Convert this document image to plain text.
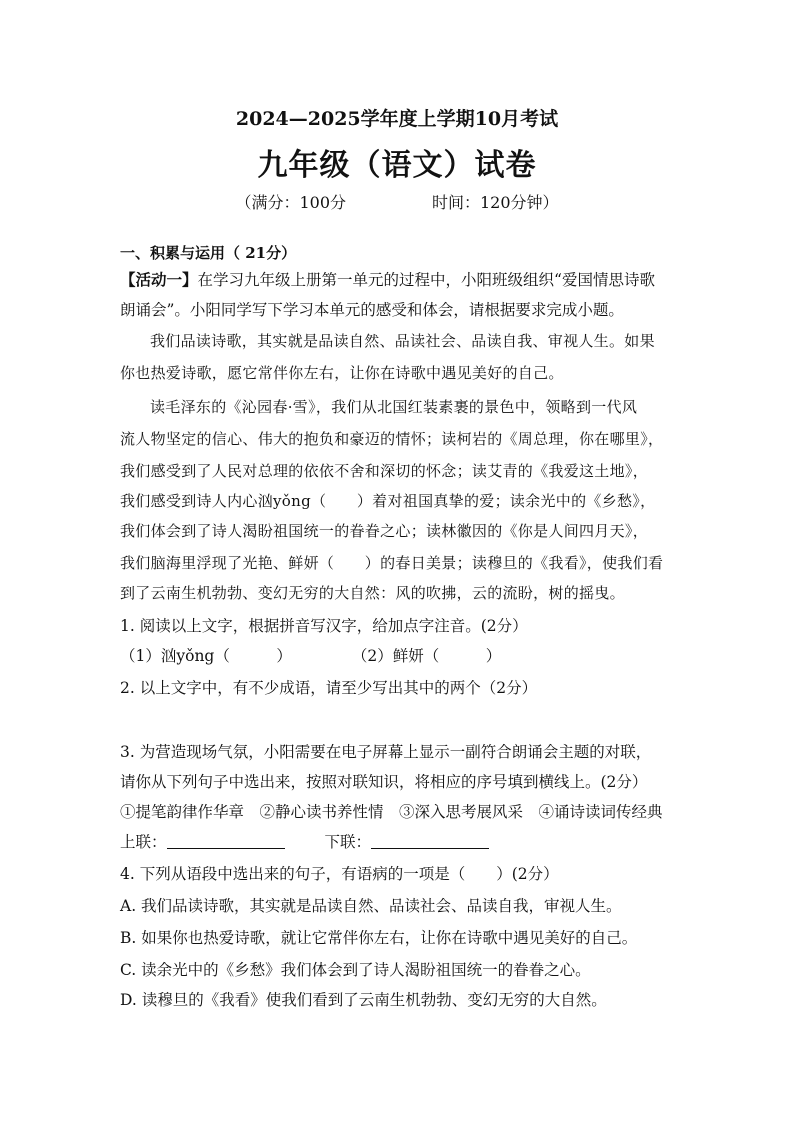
2024—2025学年度上学期10月考试
九年级（语文）试卷
（满分：100分	时间：120分钟）
一、积累与运用（ 21分）
【活动一】在学习九年级上册第一单元的过程中，小阳班级组织“爱国情思诗歌
朗诵会”。小阳同学写下学习本单元的感受和体会，请根据要求完成小题。
我们品读诗歌，其实就是品读自然、品读社会、品读自我、审视人生。如果
你也热爱诗歌，愿它常伴你左右，让你在诗歌中遇见美好的自己。
读毛泽东的《沁园春·雪》，我们从北国红装素裹的景色中，领略到一代风
流人物坚定的信心、伟大的抱负和豪迈的情怀；读柯岩的《周总理，你在哪里》，
我们感受到了人民对总理的依依不舍和深切的怀念；读艾青的《我爱这土地》，
我们感受到诗人内心汹yǒng（　　）着对祖国真挚的爱；读余光中的《乡愁》，
我们体会到了诗人渴盼祖国统一的眷眷之心；读林徽因的《你是人间四月天》，
我们脑海里浮现了光艳、鲜妍（　　）的春日美景；读穆旦的《我看》，使我们看
到了云南生机勃勃、变幻无穷的大自然：风的吹拂，云的流盼，树的摇曳。
1. 阅读以上文字，根据拼音写汉字，给加点字注音。(2分）
（1）汹yǒng（　　　）	（2）鲜妍（　　　）
2. 以上文字中，有不少成语，请至少写出其中的两个（2分）
3. 为营造现场气氛，小阳需要在电子屏幕上显示一副符合朗诵会主题的对联，
请你从下列句子中选出来，按照对联知识，将相应的序号填到横线上。(2分）
①提笔韵律作华章　②静心读书养性情　③深入思考展风采　④诵诗读词传经典
上联：	下联：
4. 下列从语段中选出来的句子，有语病的一项是（　　）(2分）
A. 我们品读诗歌，其实就是品读自然、品读社会、品读自我，审视人生。
B. 如果你也热爱诗歌，就让它常伴你左右，让你在诗歌中遇见美好的自己。
C. 读余光中的《乡愁》我们体会到了诗人渴盼祖国统一的眷眷之心。
D. 读穆旦的《我看》使我们看到了云南生机勃勃、变幻无穷的大自然。
